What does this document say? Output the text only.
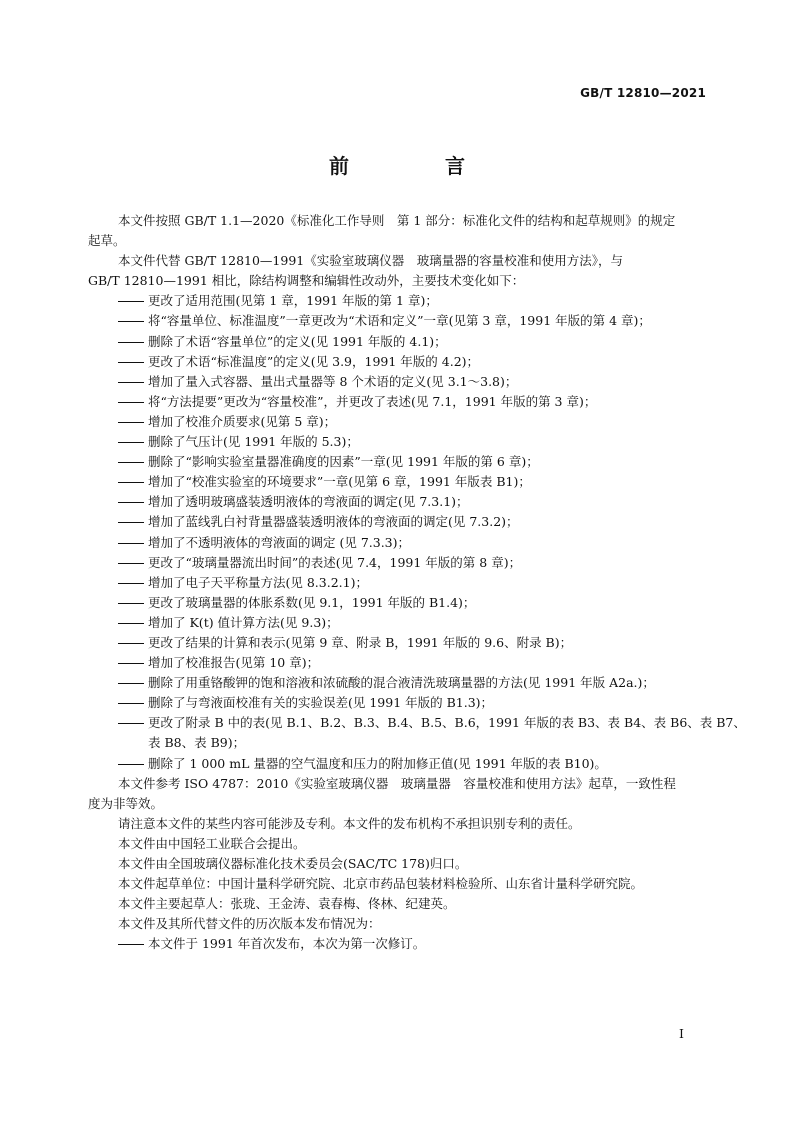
GB/T 12810—2021
前　言

本文件按照 GB/T 1.1—2020《标准化工作导则　第 1 部分：标准化文件的结构和起草规则》的规定

起草。

本文件代替 GB/T 12810—1991《实验室玻璃仪器　玻璃量器的容量校准和使用方法》，与

GB/T 12810—1991 相比，除结构调整和编辑性改动外，主要技术变化如下：

更改了适用范围(见第 1 章，1991 年版的第 1 章)；
将“容量单位、标准温度”一章更改为“术语和定义”一章(见第 3 章，1991 年版的第 4 章)；
删除了术语“容量单位”的定义(见 1991 年版的 4.1)；
更改了术语“标准温度”的定义(见 3.9，1991 年版的 4.2)；
增加了量入式容器、量出式量器等 8 个术语的定义(见 3.1～3.8)；
将“方法提要”更改为“容量校准”，并更改了表述(见 7.1，1991 年版的第 3 章)；
增加了校准介质要求(见第 5 章)；
删除了气压计(见 1991 年版的 5.3)；
删除了“影响实验室量器准确度的因素”一章(见 1991 年版的第 6 章)；
增加了“校准实验室的环境要求”一章(见第 6 章，1991 年版表 B1)；
增加了透明玻璃盛装透明液体的弯液面的调定(见 7.3.1)；
增加了蓝线乳白衬背量器盛装透明液体的弯液面的调定(见 7.3.2)；
增加了不透明液体的弯液面的调定 (见 7.3.3)；
更改了“玻璃量器流出时间”的表述(见 7.4，1991 年版的第 8 章)；
增加了电子天平称量方法(见 8.3.2.1)；
更改了玻璃量器的体胀系数(见 9.1，1991 年版的 B1.4)；
增加了 K(t) 值计算方法(见 9.3)；
更改了结果的计算和表示(见第 9 章、附录 B，1991 年版的 9.6、附录 B)；
增加了校准报告(见第 10 章)；
删除了用重铬酸钾的饱和溶液和浓硫酸的混合液清洗玻璃量器的方法(见 1991 年版 A2a.)；
删除了与弯液面校准有关的实验误差(见 1991 年版的 B1.3)；
更改了附录 B 中的表(见 B.1、B.2、B.3、B.4、B.5、B.6，1991 年版的表 B3、表 B4、表 B6、表 B7、
表 B8、表 B9)；
删除了 1 000 mL 量器的空气温度和压力的附加修正值(见 1991 年版的表 B10)。

本文件参考 ISO 4787：2010《实验室玻璃仪器　玻璃量器　容量校准和使用方法》起草，一致性程

度为非等效。

请注意本文件的某些内容可能涉及专利。本文件的发布机构不承担识别专利的责任。

本文件由中国轻工业联合会提出。

本文件由全国玻璃仪器标准化技术委员会(SAC/TC 178)归口。

本文件起草单位：中国计量科学研究院、北京市药品包装材料检验所、山东省计量科学研究院。

本文件主要起草人：张珑、王金涛、袁春梅、佟林、纪建英。

本文件及其所代替文件的历次版本发布情况为：

本文件于 1991 年首次发布，本次为第一次修订。
I
